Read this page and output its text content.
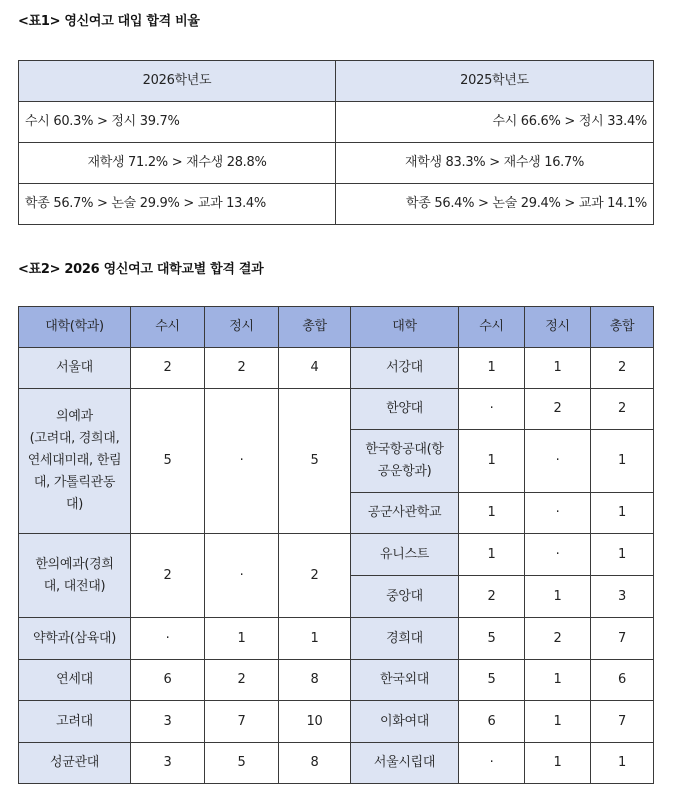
<표1> 영신여고 대입 합격 비율
2026학년도	2025학년도
수시 60.3% > 정시 39.7%	수시 66.6% > 정시 33.4%
재학생 71.2% > 재수생 28.8%	재학생 83.3% > 재수생 16.7%
학종 56.7% > 논술 29.9% > 교과 13.4%	학종 56.4% > 논술 29.4% > 교과 14.1%
<표2> 2026 영신여고 대학교별 합격 결과
대학(학과)	수시	정시	총합	대학	수시	정시	총합
서울대	2	2	4	서강대	1	1	2
의예과
(고려대, 경희대,
연세대미래, 한림
대, 가톨릭관동
대)	5	·	5	한양대	·	2	2
				한국항공대(항
공운항과)	1	·	1
				공군사관학교	1	·	1
한의예과(경희
대, 대전대)	2	·	2	유니스트	1	·	1
				중앙대	2	1	3
약학과(삼육대)	·	1	1	경희대	5	2	7
연세대	6	2	8	한국외대	5	1	6
고려대	3	7	10	이화여대	6	1	7
성균관대	3	5	8	서울시립대	·	1	1
